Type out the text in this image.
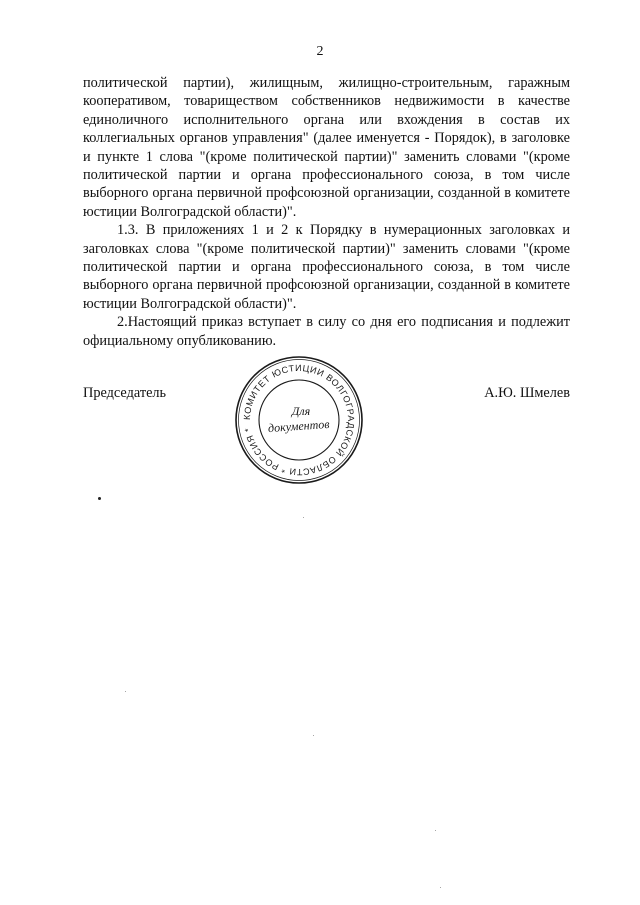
2

политической партии), жилищным, жилищно-строительным, гаражным кооперативом, товариществом собственников недвижимости в качестве единоличного исполнительного органа или вхождения в состав их коллегиальных органов управления" (далее именуется - Порядок), в заголовке и пункте 1 слова "(кроме политической партии)" заменить словами "(кроме политической партии и органа профессионального союза, в том числе выборного органа первичной профсоюзной организации, созданной в комитете юстиции Волгоградской области)".

1.3. В приложениях 1 и 2 к Порядку в нумерационных заголовках и заголовках слова "(кроме политической партии)" заменить словами "(кроме политической партии и органа профессионального союза, в том числе выборного органа первичной профсоюзной организации, созданной в комитете юстиции Волгоградской области)".

2.Настоящий приказ вступает в силу со дня его подписания и подлежит официальному опубликованию.

Председатель
КОМИТЕТ ЮСТИЦИИ ВОЛГОГРАДСКОЙ ОБЛАСТИ * РОССИЯ *
Для
документов
А.Ю. Шмелев
